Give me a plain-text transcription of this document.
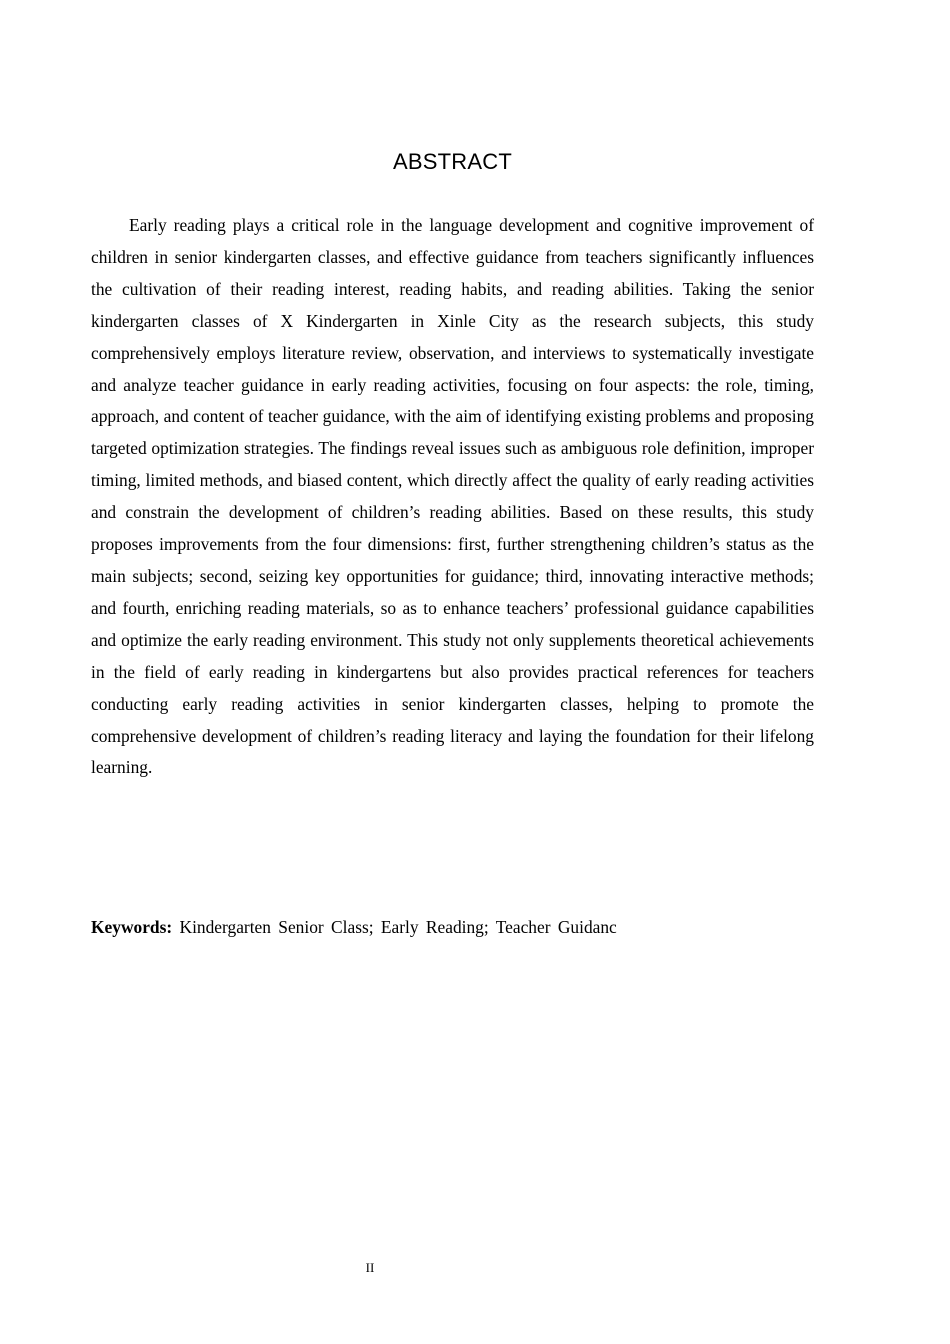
ABSTRACT

Early reading plays a critical role in the language development and cognitive improvement of children in senior kindergarten classes, and effective guidance from teachers significantly influences the cultivation of their reading interest, reading habits, and reading abilities. Taking the senior kindergarten classes of X Kindergarten in Xinle City as the research subjects, this study comprehensively employs literature review, observation, and interviews to systematically investigate and analyze teacher guidance in early reading activities, focusing on four aspects: the role, timing, approach, and content of teacher guidance, with the aim of identifying existing problems and proposing targeted optimization strategies. The findings reveal issues such as ambiguous role definition, improper timing, limited methods, and biased content, which directly affect the quality of early reading activities and constrain the development of children’s reading abilities. Based on these results, this study proposes improvements from the four dimensions: first, further strengthening children’s status as the main subjects; second, seizing key opportunities for guidance; third, innovating interactive methods; and fourth, enriching reading materials, so as to enhance teachers’ professional guidance capabilities and optimize the early reading environment. This study not only supplements theoretical achievements in the field of early reading in kindergartens but also provides practical references for teachers conducting early reading activities in senior kindergarten classes, helping to promote the comprehensive development of children’s reading literacy and laying the foundation for their lifelong learning.

Keywords: Kindergarten Senior Class; Early Reading; Teacher Guidanc

II
